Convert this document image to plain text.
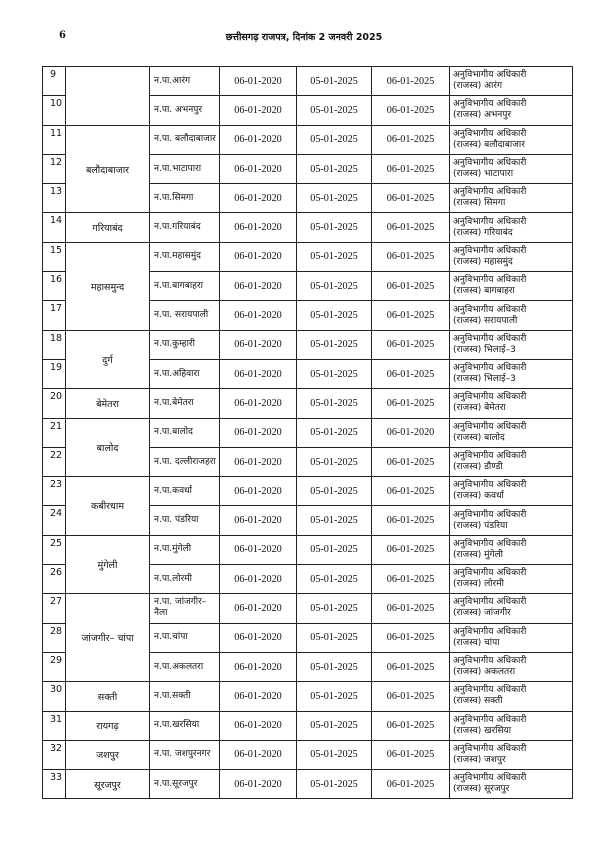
6	छत्तीसगढ़ राजपत्र, दिनांक 2 जनवरी 2025
9		न.पा.आरंग	06-01-2020	05-01-2025	06-01-2025	अनुविभागीय अधिकारी
(राजस्व) आरंग

10		न.पा. अभनपुर	06-01-2020	05-01-2025	06-01-2025	अनुविभागीय अधिकारी
(राजस्व) अभनपुर

11	बलौदाबाजार	न.पा. बलौदाबाजार	06-01-2020	05-01-2025	06-01-2025	अनुविभागीय अधिकारी
(राजस्व) बलौदाबाजार

12		न.पा.भाटापारा	06-01-2020	05-01-2025	06-01-2025	अनुविभागीय अधिकारी
(राजस्व) भाटापारा

13		न.पा.सिमगा	06-01-2020	05-01-2025	06-01-2025	अनुविभागीय अधिकारी
(राजस्व) सिमगा

14	गरियाबंद	न.पा.गरियाबंद	06-01-2020	05-01-2025	06-01-2025	अनुविभागीय अधिकारी
(राजस्व) गरियाबंद

15	महासमुन्द	न.पा.महासमुंद	06-01-2020	05-01-2025	06-01-2025	अनुविभागीय अधिकारी
(राजस्व) महासमुंद

16		न.पा.बागबाहरा	06-01-2020	05-01-2025	06-01-2025	अनुविभागीय अधिकारी
(राजस्व) बागबाहरा

17		न.पा. सरायपाली	06-01-2020	05-01-2025	06-01-2025	अनुविभागीय अधिकारी
(राजस्व) सरायपाली

18	दुर्ग	न.पा.कुम्हारी	06-01-2020	05-01-2025	06-01-2025	अनुविभागीय अधिकारी
(राजस्व) भिलाई–3

19		न.पा.अहिवारा	06-01-2020	05-01-2025	06-01-2025	अनुविभागीय अधिकारी
(राजस्व) भिलाई–3

20	बेमेतरा	न.पा.बेमेतरा	06-01-2020	05-01-2025	06-01-2025	अनुविभागीय अधिकारी
(राजस्व) बेमेतरा

21	बालोद	न.पा.बालोद	06-01-2020	05-01-2025	06-01-2020	अनुविभागीय अधिकारी
(राजस्व) बालोद

22		न.पा. दल्लीराजहरा	06-01-2020	05-01-2025	06-01-2025	अनुविभागीय अधिकारी
(राजस्व) डौण्डी

23	कबीरधाम	न.पा.कवर्धा	06-01-2020	05-01-2025	06-01-2025	अनुविभागीय अधिकारी
(राजस्व) कवर्धा

24		न.पा. पंडरिया	06-01-2020	05-01-2025	06-01-2025	अनुविभागीय अधिकारी
(राजस्व) पंडरिया

25	मुंगेली	न.पा.मुंगेली	06-01-2020	05-01-2025	06-01-2025	अनुविभागीय अधिकारी
(राजस्व) मुंगेली

26		न.पा.लोरमी	06-01-2020	05-01-2025	06-01-2025	अनुविभागीय अधिकारी
(राजस्व) लोरमी

27	जांजगीर– चांपा	न.पा. जांजगीर–नैला	06-01-2020	05-01-2025	06-01-2025	अनुविभागीय अधिकारी
(राजस्व) जांजगीर

28		न.पा.चांपा	06-01-2020	05-01-2025	06-01-2025	अनुविभागीय अधिकारी
(राजस्व) चांपा

29		न.पा.अकलतरा	06-01-2020	05-01-2025	06-01-2025	अनुविभागीय अधिकारी
(राजस्व) अकलतरा

30	सक्ती	न.पा.सक्ती	06-01-2020	05-01-2025	06-01-2025	अनुविभागीय अधिकारी
(राजस्व) सक्ती

31	रायगढ़	न.पा.खरसिया	06-01-2020	05-01-2025	06-01-2025	अनुविभागीय अधिकारी
(राजस्व) खरसिया

32	जशपुर	न.पा. जशपुरनगर	06-01-2020	05-01-2025	06-01-2025	अनुविभागीय अधिकारी
(राजस्व) जशपुर

33	सूरजपुर	न.पा.सूरजपुर	06-01-2020	05-01-2025	06-01-2025	अनुविभागीय अधिकारी
(राजस्व) सूरजपुर
